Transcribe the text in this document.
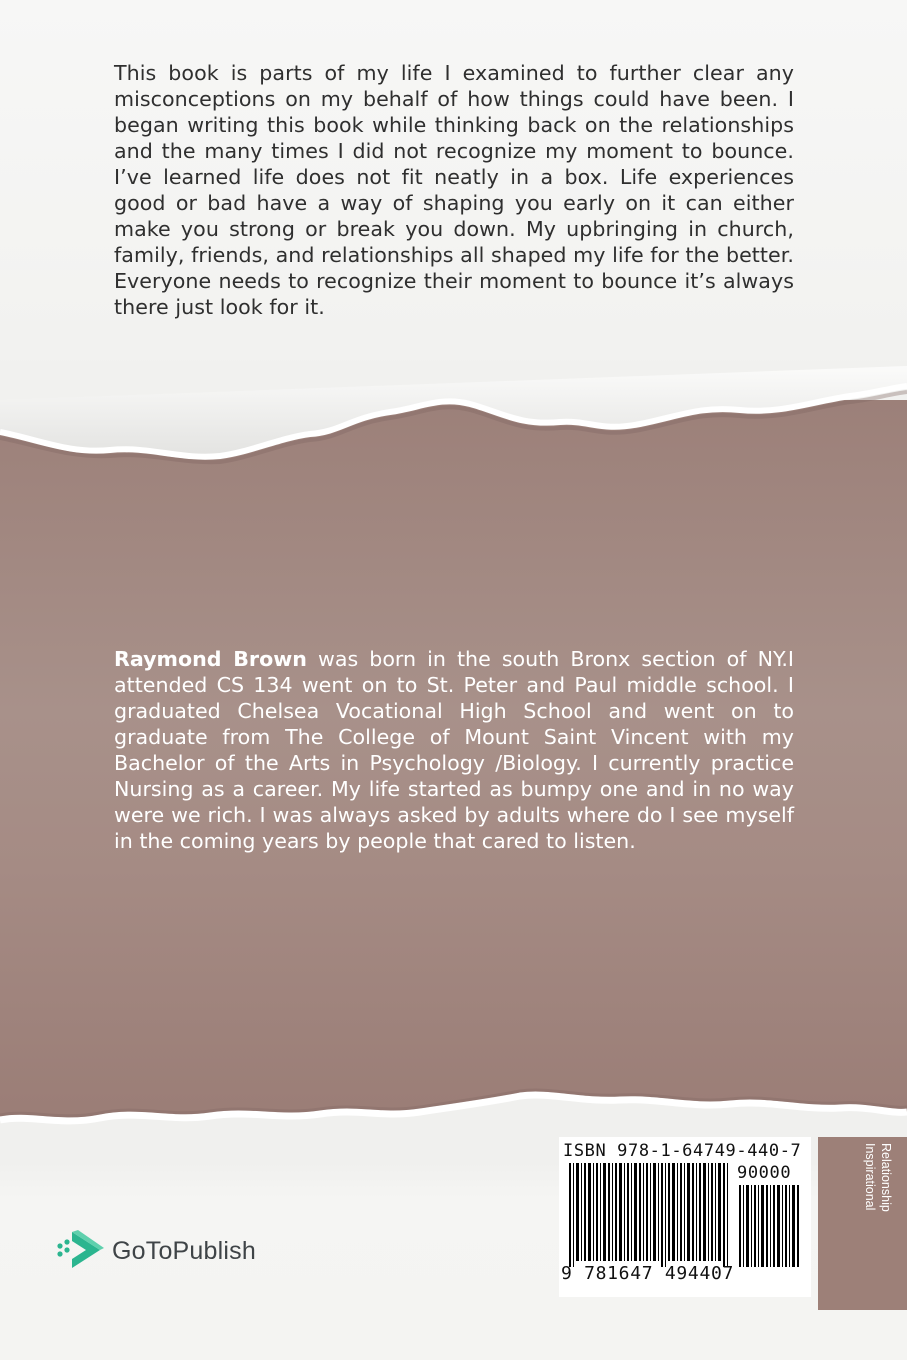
This book is parts of my life I examined to further clear any misconceptions on my behalf of how things could have been. I began writing this book while thinking back on the relationships and the many times I did not recognize my moment to bounce. I’ve learned life does not fit neatly in a box. Life experiences good or bad have a way of shaping you early on it can either make you strong or break you down. My upbringing in church, family, friends, and relationships all shaped my life for the better. Everyone needs to recognize their moment to bounce it’s always there just look for it.

Raymond Brown was born in the south Bronx section of NY.I attended CS 134 went on to St. Peter and Paul middle school. I graduated Chelsea Vocational High School and went on to graduate from The College of Mount Saint Vincent with my Bachelor of the Arts in Psychology /Biology. I currently practice Nursing as a career. My life started as bumpy one and in no way were we rich. I was always asked by adults where do I see myself in the coming years by people that cared to listen.

GoToPublish

ISBN 978-1-64749-440-7

90000

9 781647 494407

Relationship
Inspirational
